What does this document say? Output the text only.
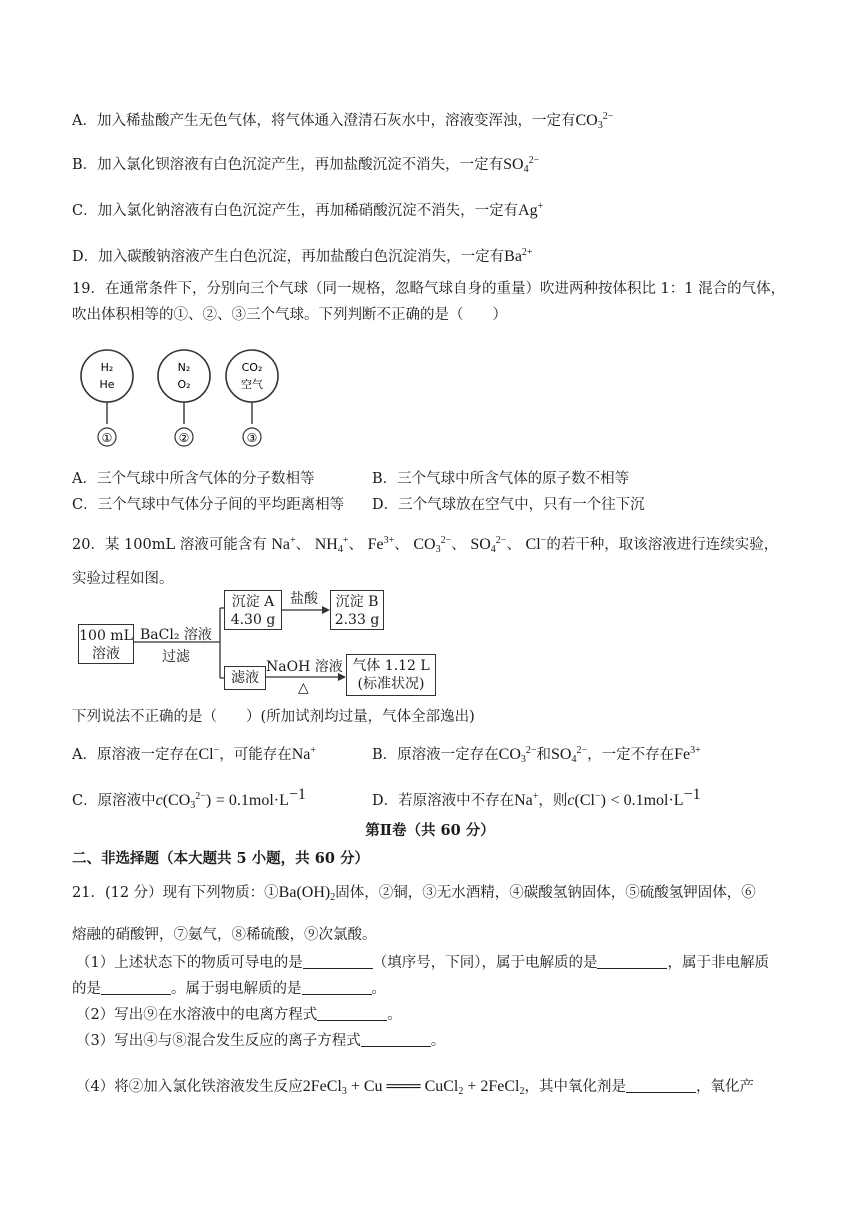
A．加入稀盐酸产生无色气体，将气体通入澄清石灰水中，溶液变浑浊，一定有$CO_3^{2-}$
B．加入氯化钡溶液有白色沉淀产生，再加盐酸沉淀不消失，一定有$SO_4^{2-}$
C．加入氯化钠溶液有白色沉淀产生，再加稀硝酸沉淀不消失，一定有Ag+
D．加入碳酸钠溶液产生白色沉淀，再加盐酸白色沉淀消失，一定有$Ba^{2+}$
19．在通常条件下，分别向三个气球（同一规格，忽略气球自身的重量）吹进两种按体积比 1：1 混合的气体，
吹出体积相等的①、②、③三个气球。下列判断不正确的是（　　）
H₂
He
①
N₂
O₂
②
CO₂
空气
③
A．三个气球中所含气体的分子数相等	B．三个气球中所含气体的原子数不相等
C．三个气球中气体分子间的平均距离相等	D．三个气球放在空气中，只有一个往下沉
20．某 100mL 溶液可能含有 Na+、 $NH_4^+$、 $Fe^{3+}$、 $CO_3^{2-}$、 $SO_4^{2-}$、 Cl−的若干种，取该溶液进行连续实验，
实验过程如图。
100 mL
溶液
BaCl₂ 溶液
过滤
沉淀 A
4.30 g
盐酸	沉淀 B
2.33 g
滤液
NaOH 溶液
△
气体 1.12 L
(标准状况)
下列说法不正确的是（　　）(所加试剂均过量，气体全部逸出)
A．原溶液一定存在Cl−，可能存在Na+	B．原溶液一定存在$CO_3^{2-}$和$SO_4^{2-}$，一定不存在$Fe^{3+}$
C．原溶液中$c(CO_3^{2-}) = 0.1mol\cdot L-1$	D．若原溶液中不存在Na+，则c(Cl−) < 0.1mol·L−1
第Ⅱ卷（共 60 分）
二、非选择题（本大题共 5 小题，共 60 分）
21．(12 分）现有下列物质：$①Ba(OH)_2$固体，②铜，③无水酒精，④碳酸氢钠固体，⑤硫酸氢钾固体，⑥
熔融的硝酸钾，⑦氨气，⑧稀硫酸，⑨次氯酸。
（1）上述状态下的物质可导电的是	（填序号，下同），属于电解质的是	，属于非电解质
的是	。属于弱电解质的是	。
（2）写出⑨在水溶液中的电离方程式	。
（3）写出④与⑧混合发生反应的离子方程式	。
（4）将②加入氯化铁溶液发生反应2FeCl$_3$ + Cu ═══ CuCl$_2$ + 2FeCl$_2$，其中氧化剂是	，氧化产
